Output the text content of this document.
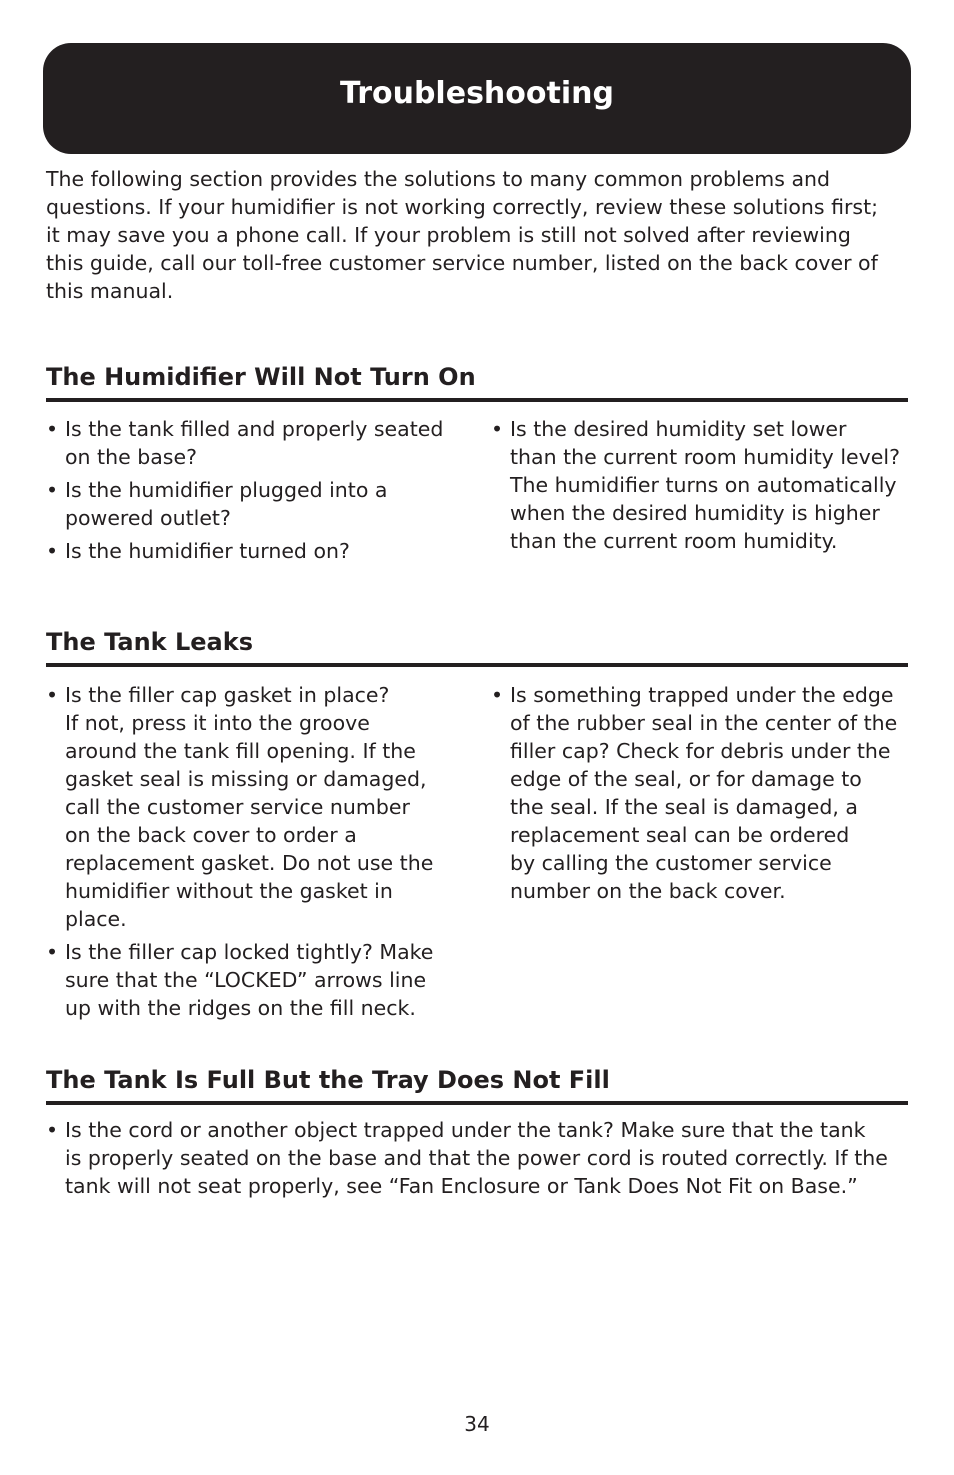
Troubleshooting

The following section provides the solutions to many common problems and
questions. If your humidifier is not working correctly, review these solutions first;
it may save you a phone call. If your problem is still not solved after reviewing
this guide, call our toll-free customer service number, listed on the back cover of
this manual.

The Humidifier Will Not Turn On
• Is the tank filled and properly seated
on the base?
• Is the humidifier plugged into a
powered outlet?
• Is the humidifier turned on?
• Is the desired humidity set lower
than the current room humidity level?
The humidifier turns on automatically
when the desired humidity is higher
than the current room humidity.
The Tank Leaks
• Is the filler cap gasket in place?
If not, press it into the groove
around the tank fill opening. If the
gasket seal is missing or damaged,
call the customer service number
on the back cover to order a
replacement gasket. Do not use the
humidifier without the gasket in
place.
• Is the filler cap locked tightly? Make
sure that the “LOCKED” arrows line
up with the ridges on the fill neck.
• Is something trapped under the edge
of the rubber seal in the center of the
filler cap? Check for debris under the
edge of the seal, or for damage to
the seal. If the seal is damaged, a
replacement seal can be ordered
by calling the customer service
number on the back cover.
The Tank Is Full But the Tray Does Not Fill
• Is the cord or another object trapped under the tank? Make sure that the tank
is properly seated on the base and that the power cord is routed correctly. If the
tank will not seat properly, see “Fan Enclosure or Tank Does Not Fit on Base.”
34
